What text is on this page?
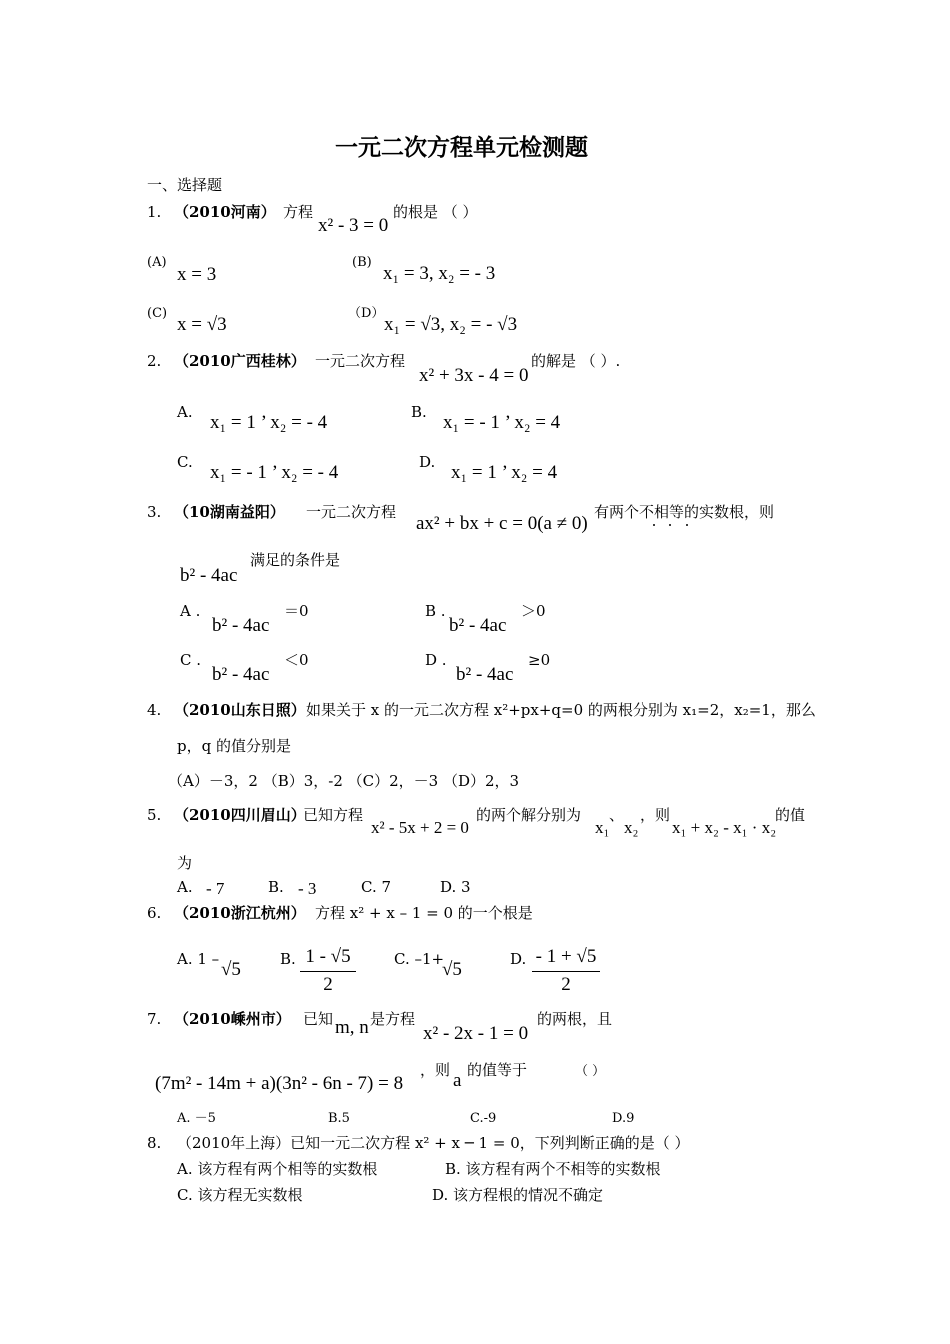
一元二次方程单元检测题
一、选择题
1. （2010河南） 方程
x² - 3 = 0
的根是 （ ）
(A)
x = 3
(B)
x₁ = 3, x₂ = - 3
(C)
x = √3
（D）
x₁ = √3, x₂ = - √3
2. （2010广西桂林） 一元二次方程
x² + 3x - 4 = 0
的解是 （ ）.
A. x₁ = 1 ’ x₂ = - 4	B. x₁ = - 1 ’ x₂ = 4
C. x₁ = - 1 ’ x₂ = - 4	D. x₁ = 1 ’ x₂ = 4
3. （10湖南益阳） 一元二次方程
ax² + bx + c = 0(a ≠ 0)
有两个不相等的实数根，则
b² - 4ac
满足的条件是
A .
b² - 4ac
＝0	B .
b² - 4ac
＞0
C .
b² - 4ac
＜0	D .
b² - 4ac
≥0
4. （2010山东日照） 如果关于 x 的一元二次方程 x²+px+q=0 的两根分别为 x₁=2，x₂=1，那么
p，q 的值分别是
（A）－3，2 （B）3，-2 （C）2，－3 （D）2，3
5. （2010四川眉山）
已知方程
x² - 5x + 2 = 0
的两个解分别为
x₁
、
x₂
，则
x₁ + x₂ - x₁ · x₂
的值
为
A. - 7	B. - 3	C. 7	D. 3
6. （2010浙江杭州） 方程 x² + x – 1 = 0 的一个根是
A. 1 – √5	B. 1 - √5
2
C. –1+
√5	D. - 1 + √5
2
7. （2010嵊州市） 已知 m, n 是方程
x² - 2x - 1 = 0
的两根，且
(7m² - 14m + a)(3n² - 6n - 7) = 8
，则 a 的值等于	（ ）
A. －5	B.5	C.-9	D.9
8. （2010年上海）已知一元二次方程 x² + x ─ 1 = 0，下列判断正确的是（ ）
A. 该方程有两个相等的实数根	B. 该方程有两个不相等的实数根
C. 该方程无实数根	D. 该方程根的情况不确定
